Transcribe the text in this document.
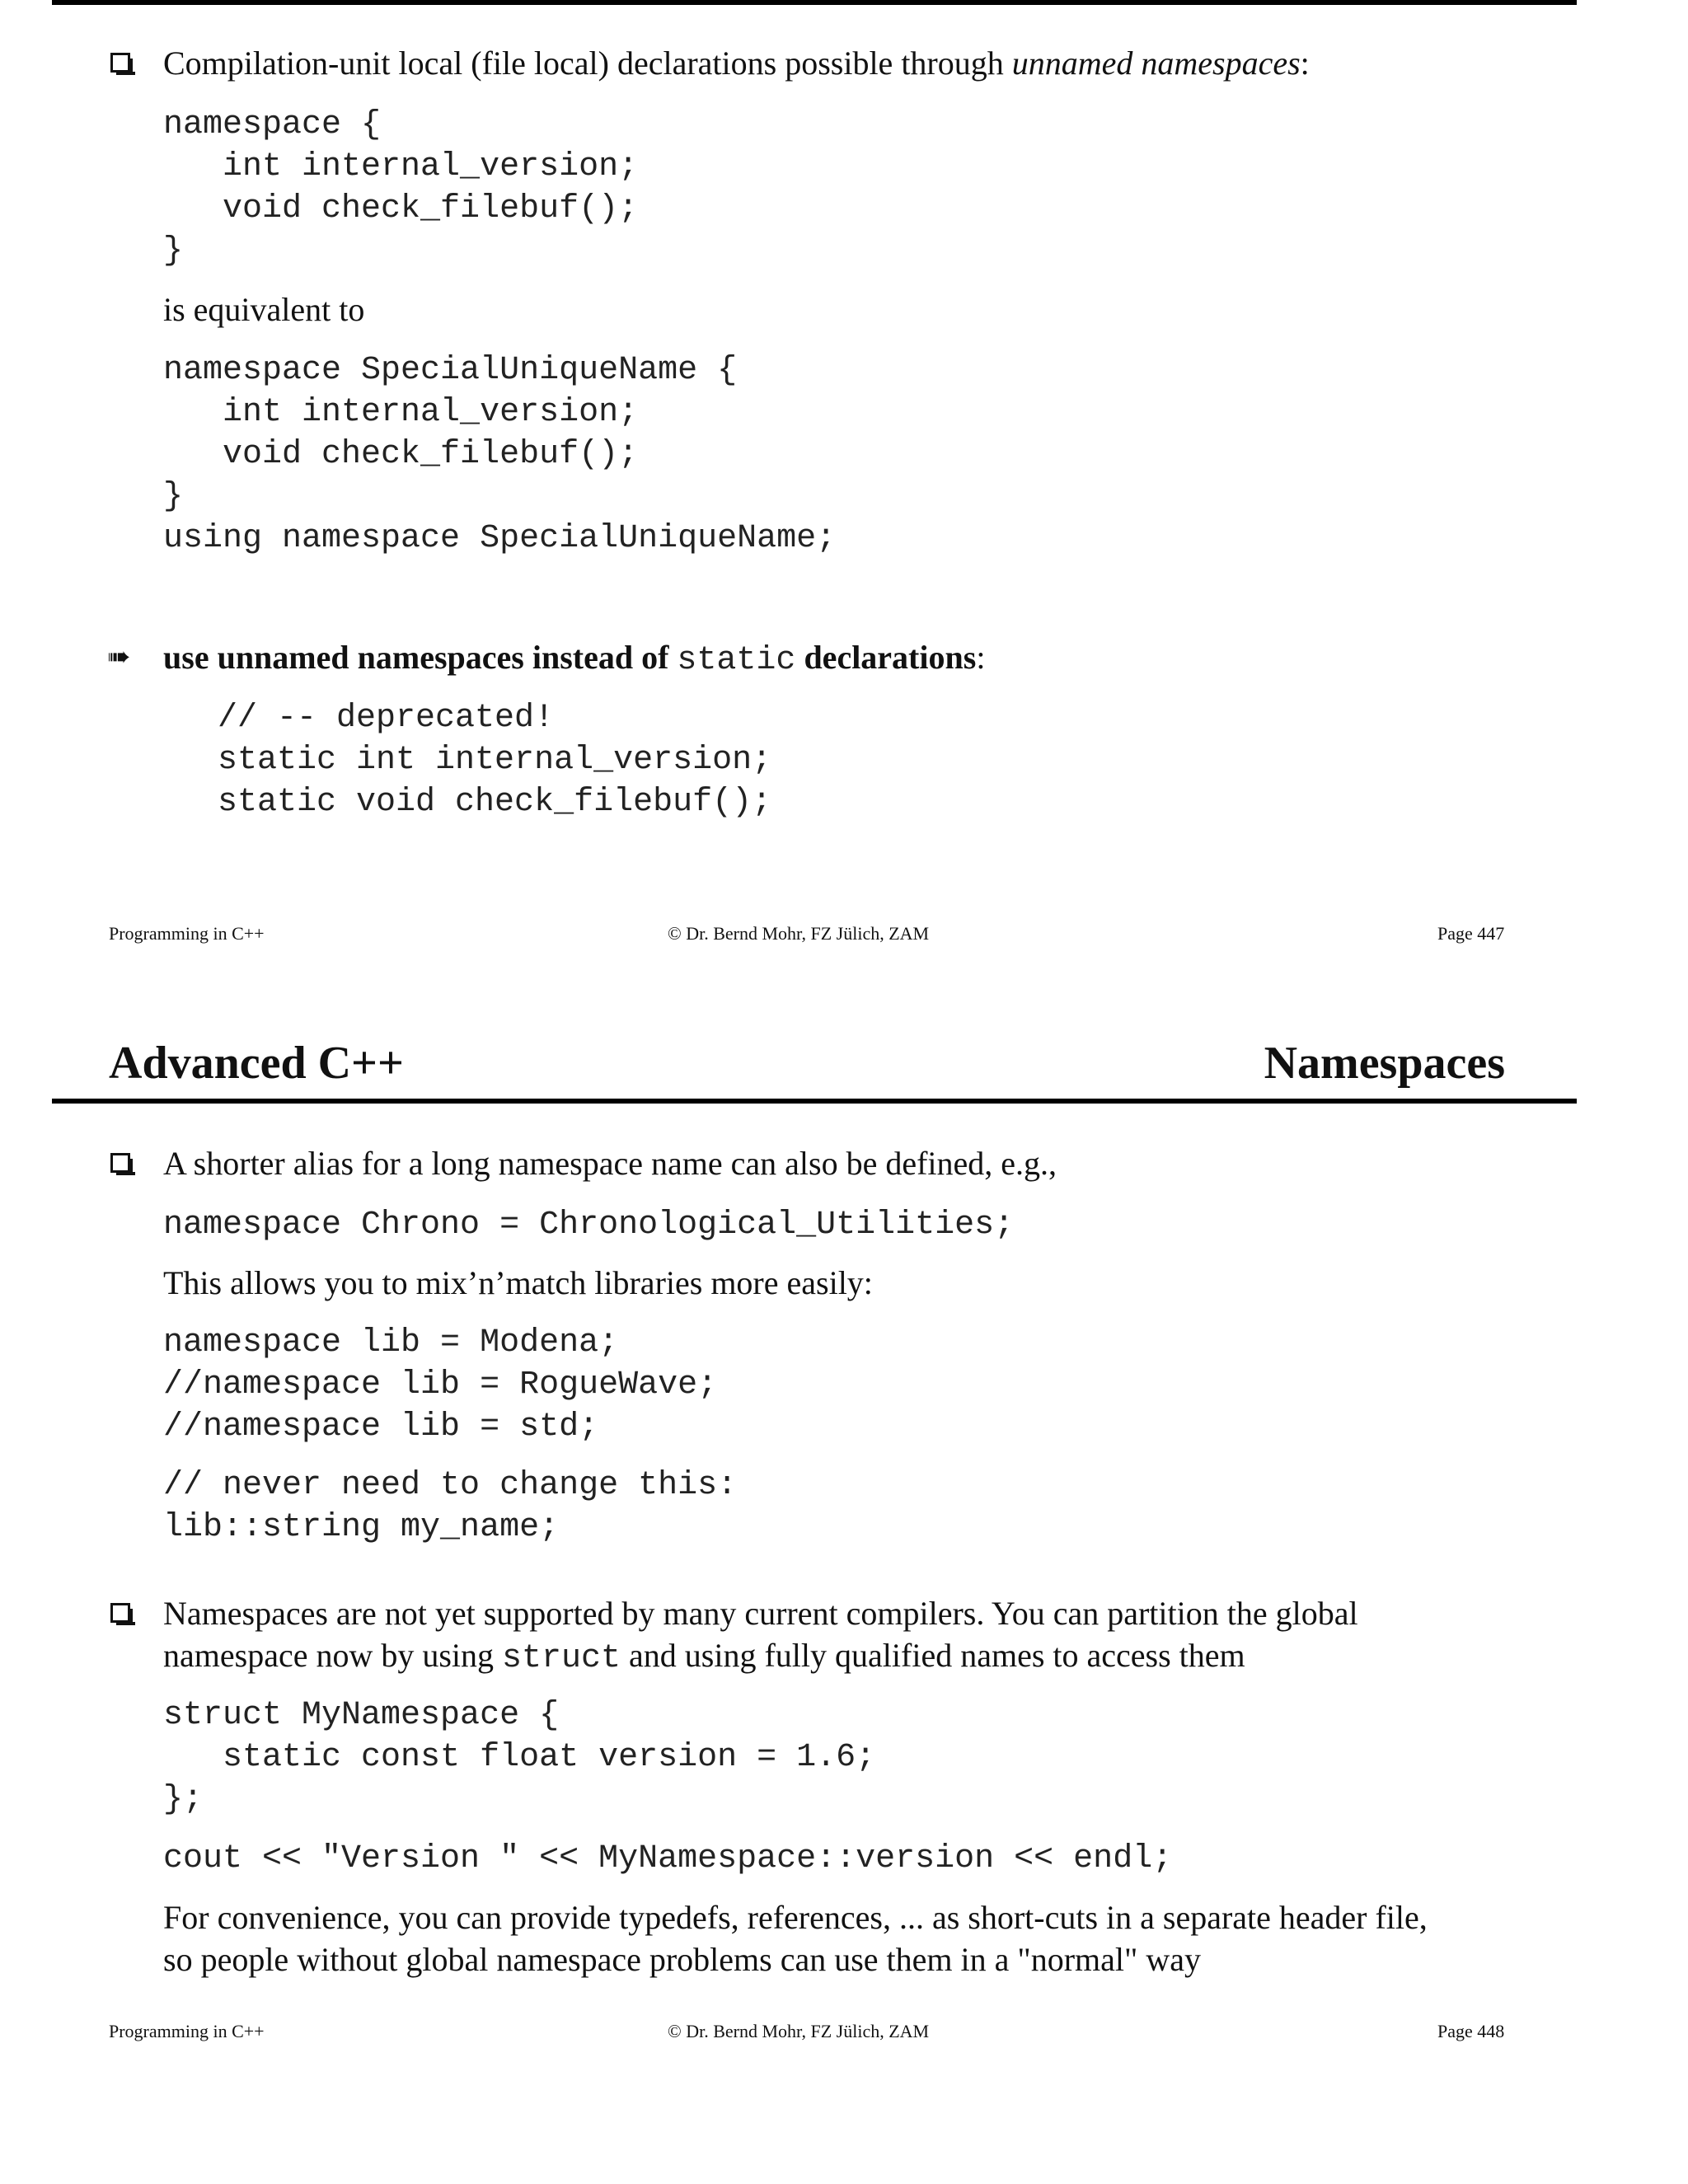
Compilation-unit local (file local) declarations possible through unnamed namespaces:
namespace {
int internal_version;
void check_filebuf();
}
is equivalent to
namespace SpecialUniqueName {
int internal_version;
void check_filebuf();
}
using namespace SpecialUniqueName;
➠ use unnamed namespaces instead of static declarations:
// -- deprecated!
static int internal_version;
static void check_filebuf();
Programming in C++	© Dr. Bernd Mohr, FZ Jülich, ZAM	Page 447
Advanced C++	Namespaces
A shorter alias for a long namespace name can also be defined, e.g.,
namespace Chrono = Chronological_Utilities;
This allows you to mix’n’match libraries more easily:
namespace lib = Modena;
//namespace lib = RogueWave;
//namespace lib = std;
// never need to change this:
lib::string my_name;
Namespaces are not yet supported by many current compilers. You can partition the global
namespace now by using struct and using fully qualified names to access them
struct MyNamespace {
static const float version = 1.6;
};
cout << "Version " << MyNamespace::version << endl;
For convenience, you can provide typedefs, references, ... as short-cuts in a separate header file,
so people without global namespace problems can use them in a "normal" way
Programming in C++	© Dr. Bernd Mohr, FZ Jülich, ZAM	Page 448
